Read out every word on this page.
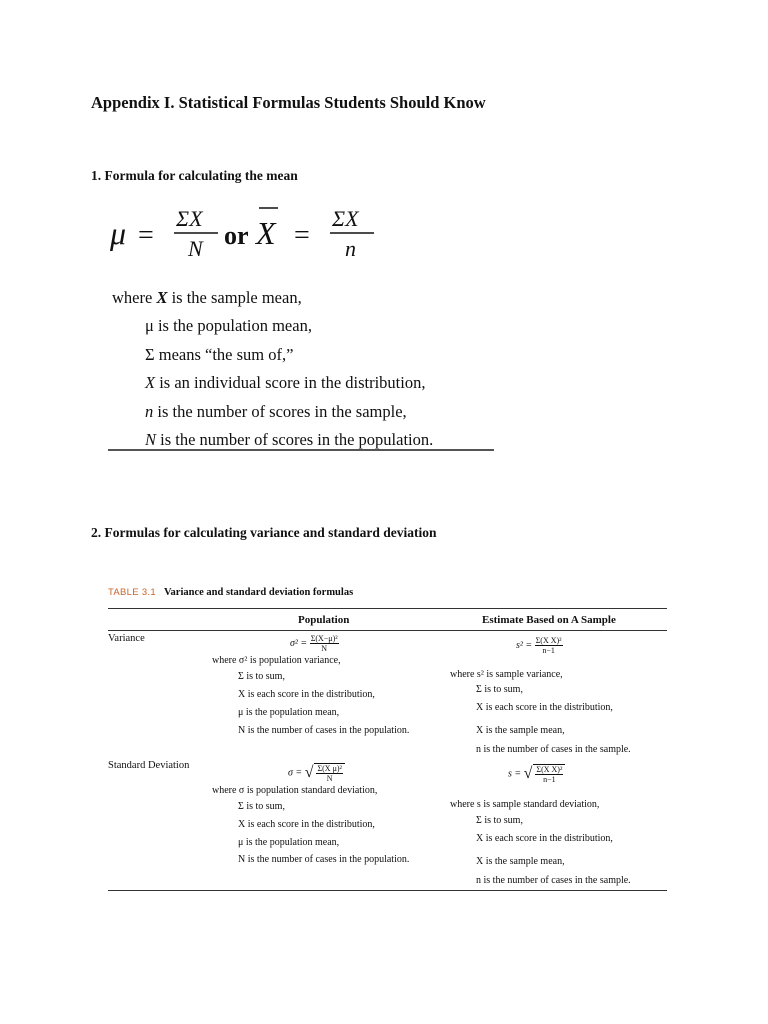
Appendix I. Statistical Formulas Students Should Know
1. Formula for calculating the mean
μ =
ΣX
N or X =
ΣX
n
where X is the sample mean,
μ is the population mean,
Σ means “the sum of,”
X is an individual score in the distribution,
n is the number of scores in the sample,
N is the number of scores in the population.
2. Formulas for calculating variance and standard deviation
TABLE 3.1 Variance and standard deviation formulas
Population	Estimate Based on A Sample
Variance	$\sigma^2 = \frac{\text{Σ(X−μ)²}}{N}$
where σ² is population variance,
Σ is to sum,
X is each score in the distribution,
μ is the population mean,
N is the number of cases in the population.
$s^2 = \frac{\text{Σ(X X)²}}{n-1}$
where s² is sample variance,
Σ is to sum,
X is each score in the distribution,
X is the sample mean,
n is the number of cases in the sample.
Standard Deviation
σ = √ $\frac{\text{Σ(X μ)²}}{N}$
where σ is population standard deviation,
Σ is to sum,
X is each score in the distribution,
μ is the population mean,
N is the number of cases in the population.
s = √ $\frac{\text{Σ(X X)²}}{n-1}$
where s is sample standard deviation,
Σ is to sum,
X is each score in the distribution,
X is the sample mean,
n is the number of cases in the sample.
